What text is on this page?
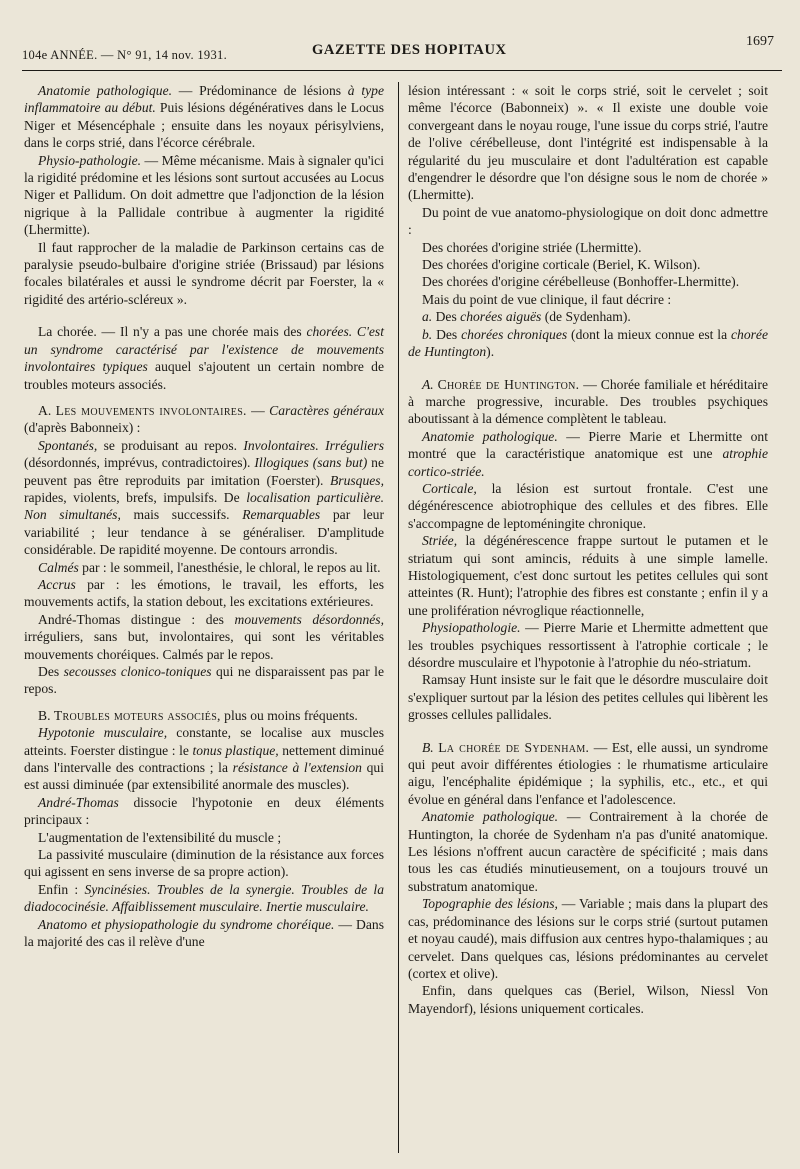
104e ANNÉE. — N° 91, 14 nov. 1931.	GAZETTE DES HOPITAUX
1697

Anatomie pathologique. — Prédominance de lésions à type inflammatoire au début. Puis lésions dégénératives dans le Locus Niger et Mésencéphale ; ensuite dans les noyaux périsylviens, dans le corps strié, dans l'écorce cérébrale.

Physio-pathologie. — Même mécanisme. Mais à signaler qu'ici la rigidité prédomine et les lésions sont surtout accusées au Locus Niger et Pallidum. On doit admettre que l'adjonction de la lésion nigrique à la Pallidale contribue à augmenter la rigidité (Lhermitte).

Il faut rapprocher de la maladie de Parkinson certains cas de paralysie pseudo-bulbaire d'origine striée (Brissaud) par lésions focales bilatérales et aussi le syndrome décrit par Foerster, la « rigidité des artério-scléreux ».

La chorée. — Il n'y a pas une chorée mais des chorées. C'est un syndrome caractérisé par l'existence de mouvements involontaires typiques auquel s'ajoutent un certain nombre de troubles moteurs associés.

A. Les mouvements involontaires. — Caractères généraux (d'après Babonneix) :

Spontanés, se produisant au repos. Involontaires. Irréguliers (désordonnés, imprévus, contradictoires). Illogiques (sans but) ne peuvent pas être reproduits par imitation (Foerster). Brusques, rapides, violents, brefs, impulsifs. De localisation particulière. Non simultanés, mais successifs. Remarquables par leur variabilité ; leur tendance à se généraliser. D'amplitude considérable. De rapidité moyenne. De contours arrondis.

Calmés par : le sommeil, l'anesthésie, le chloral, le repos au lit.

Accrus par : les émotions, le travail, les efforts, les mouvements actifs, la station debout, les excitations extérieures.

André-Thomas distingue : des mouvements désordonnés, irréguliers, sans but, involontaires, qui sont les véritables mouvements choréiques. Calmés par le repos.

Des secousses clonico-toniques qui ne disparaissent pas par le repos.

B. Troubles moteurs associés, plus ou moins fréquents.

Hypotonie musculaire, constante, se localise aux muscles atteints. Foerster distingue : le tonus plastique, nettement diminué dans l'intervalle des contractions ; la résistance à l'extension qui est aussi diminuée (par extensibilité anormale des muscles).

André-Thomas dissocie l'hypotonie en deux éléments principaux :

L'augmentation de l'extensibilité du muscle ;

La passivité musculaire (diminution de la résistance aux forces qui agissent en sens inverse de sa propre action).

Enfin : Syncinésies. Troubles de la synergie. Troubles de la diadococinésie. Affaiblissement musculaire. Inertie musculaire.

Anatomo et physiopathologie du syndrome choréique. — Dans la majorité des cas il relève d'une

lésion intéressant : « soit le corps strié, soit le cervelet ; soit même l'écorce (Babonneix) ». « Il existe une double voie convergeant dans le noyau rouge, l'une issue du corps strié, l'autre de l'olive cérébelleuse, dont l'intégrité est indispensable à la régularité du jeu musculaire et dont l'adultération est capable d'engendrer le désordre que l'on désigne sous le nom de chorée » (Lhermitte).

Du point de vue anatomo-physiologique on doit donc admettre :

Des chorées d'origine striée (Lhermitte).

Des chorées d'origine corticale (Beriel, K. Wilson).

Des chorées d'origine cérébelleuse (Bonhoffer-Lhermitte).

Mais du point de vue clinique, il faut décrire :

a. Des chorées aiguës (de Sydenham).

b. Des chorées chroniques (dont la mieux connue est la chorée de Huntington).

A. Chorée de Huntington. — Chorée familiale et héréditaire à marche progressive, incurable. Des troubles psychiques aboutissant à la démence complètent le tableau.

Anatomie pathologique. — Pierre Marie et Lhermitte ont montré que la caractéristique anatomique est une atrophie cortico-striée.

Corticale, la lésion est surtout frontale. C'est une dégénérescence abiotrophique des cellules et des fibres. Elle s'accompagne de leptoméningite chronique.

Striée, la dégénérescence frappe surtout le putamen et le striatum qui sont amincis, réduits à une simple lamelle. Histologiquement, c'est donc surtout les petites cellules qui sont atteintes (R. Hunt); l'atrophie des fibres est constante ; enfin il y a une prolifération névroglique réactionnelle,

Physiopathologie. — Pierre Marie et Lhermitte admettent que les troubles psychiques ressortissent à l'atrophie corticale ; le désordre musculaire et l'hypotonie à l'atrophie du néo-striatum.

Ramsay Hunt insiste sur le fait que le désordre musculaire doit s'expliquer surtout par la lésion des petites cellules qui libèrent les grosses cellules pallidales.

B. La chorée de Sydenham. — Est, elle aussi, un syndrome qui peut avoir différentes étiologies : le rhumatisme articulaire aigu, l'encéphalite épidémique ; la syphilis, etc., etc., et qui évolue en général dans l'enfance et l'adolescence.

Anatomie pathologique. — Contrairement à la chorée de Huntington, la chorée de Sydenham n'a pas d'unité anatomique. Les lésions n'offrent aucun caractère de spécificité ; mais dans tous les cas étudiés minutieusement, on a toujours trouvé un substratum anatomique.

Topographie des lésions, — Variable ; mais dans la plupart des cas, prédominance des lésions sur le corps strié (surtout putamen et noyau caudé), mais diffusion aux centres hypo-thalamiques ; au cervelet. Dans quelques cas, lésions prédominantes au cervelet (cortex et olive).

Enfin, dans quelques cas (Beriel, Wilson, Niessl Von Mayendorf), lésions uniquement corticales.
